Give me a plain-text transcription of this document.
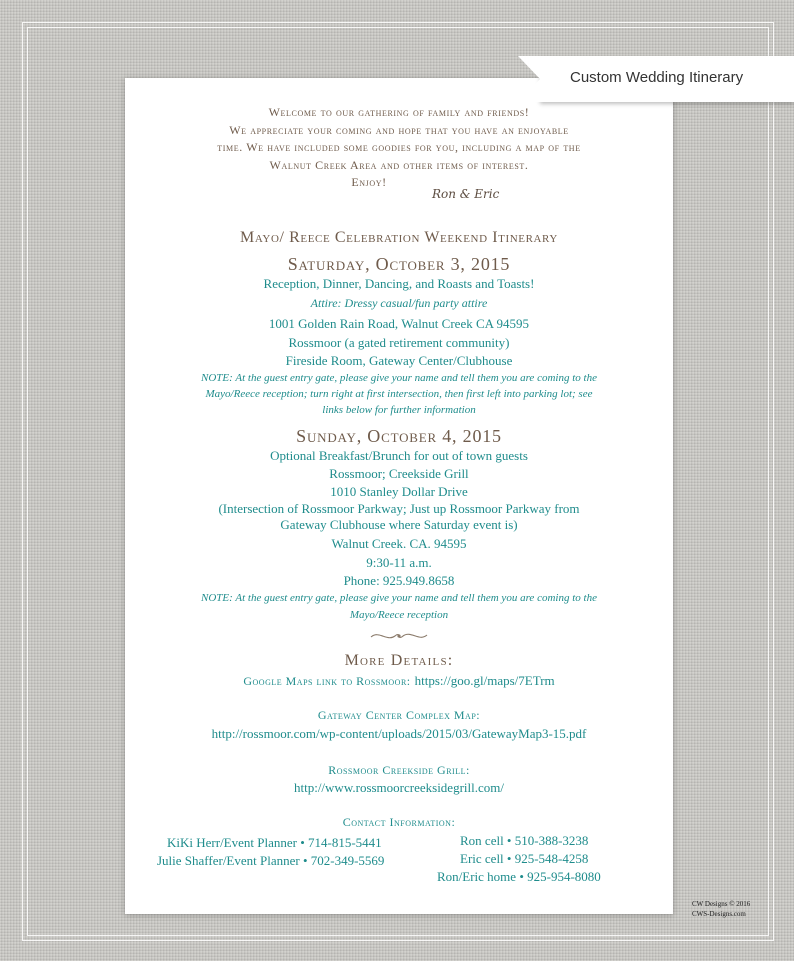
Welcome to our gathering of family and friends!
We appreciate your coming and hope that you have an enjoyable
time. We have included some goodies for you, including a map of the
Walnut Creek Area and other items of interest.
Enjoy!
Ron & Eric
Mayo/ Reece Celebration Weekend Itinerary
Saturday, October 3, 2015
Reception, Dinner, Dancing, and Roasts and Toasts!
Attire: Dressy casual/fun party attire
1001 Golden Rain Road, Walnut Creek CA 94595
Rossmoor (a gated retirement community)
Fireside Room, Gateway Center/Clubhouse
NOTE: At the guest entry gate, please give your name and tell them you are coming to the
Mayo/Reece reception; turn right at first intersection, then first left into parking lot; see
links below for further information
Sunday, October 4, 2015
Optional Breakfast/Brunch for out of town guests
Rossmoor; Creekside Grill
1010 Stanley Dollar Drive
(Intersection of Rossmoor Parkway; Just up Rossmoor Parkway from
Gateway Clubhouse where Saturday event is)
Walnut Creek. CA. 94595
9:30-11 a.m.
Phone: 925.949.8658
NOTE: At the guest entry gate, please give your name and tell them you are coming to the
Mayo/Reece reception
More Details:
Google Maps link to Rossmoor: https://goo.gl/maps/7ETrm
Gateway Center Complex Map:
http://rossmoor.com/wp-content/uploads/2015/03/GatewayMap3-15.pdf
Rossmoor Creekside Grill:
http://www.rossmoorcreeksidegrill.com/
Contact Information:
KiKi Herr/Event Planner • 714-815-5441
Julie Shaffer/Event Planner • 702-349-5569
Ron cell • 510-388-3238
Eric cell • 925-548-4258
Ron/Eric home • 925-954-8080
Custom Wedding Itinerary
CW Designs © 2016
CWS-Designs.com
